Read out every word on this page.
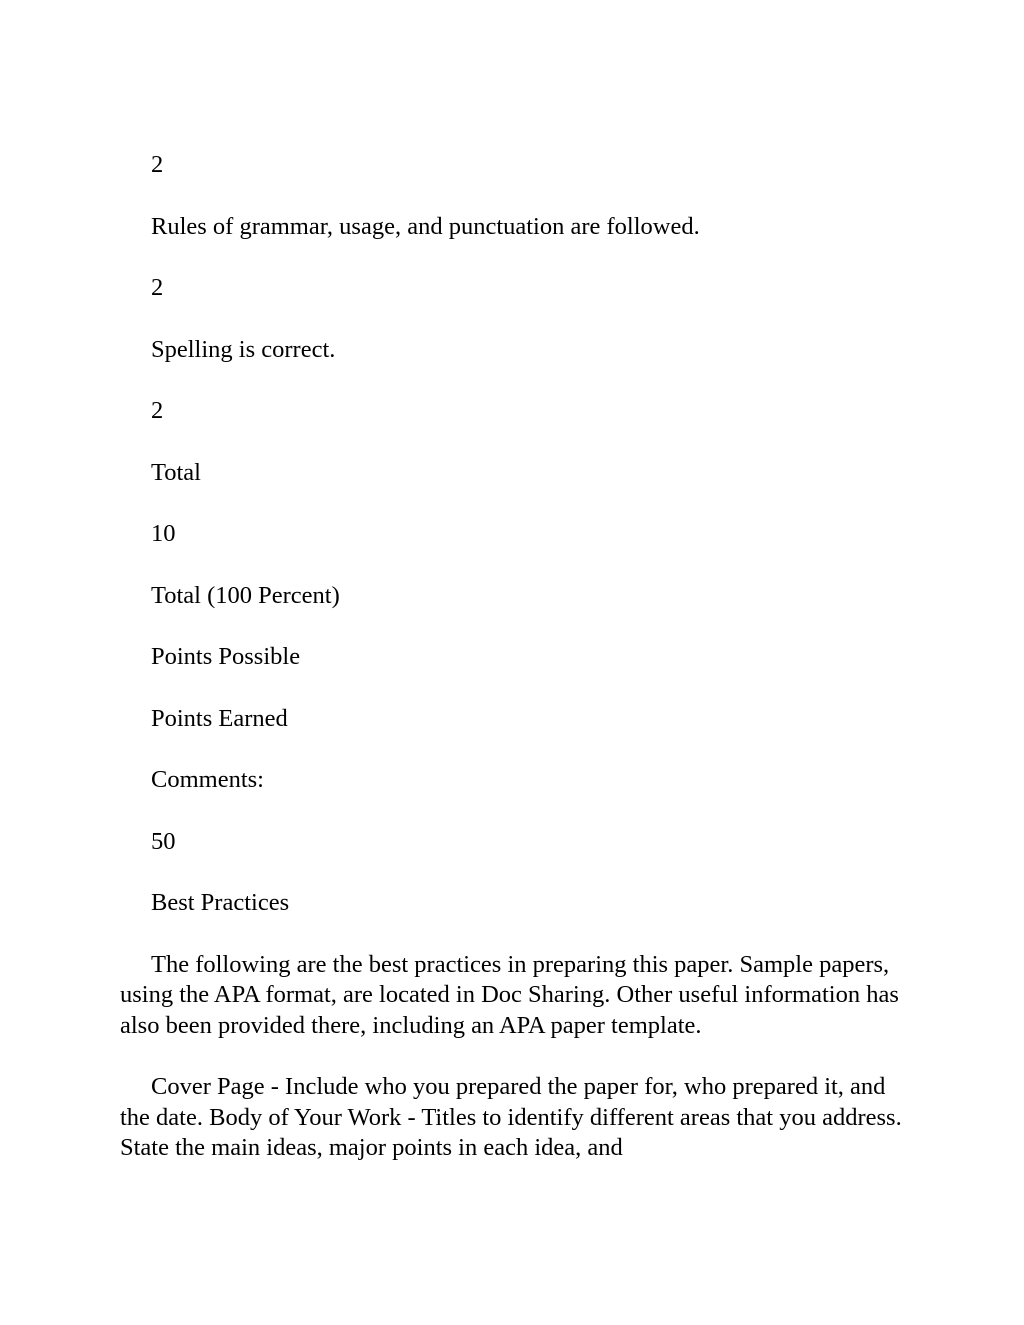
2

Rules of grammar, usage, and punctuation are followed.

2

Spelling is correct.

2

Total

10

Total (100 Percent)

Points Possible

Points Earned

Comments:

50

Best Practices

The following are the best practices in preparing this paper. Sample papers, using the APA format, are located in Doc Sharing. Other useful information has also been provided there, including an APA paper template.

Cover Page - Include who you prepared the paper for, who prepared it, and the date. Body of Your Work - Titles to identify different areas that you address. State the main ideas, major points in each idea, and
